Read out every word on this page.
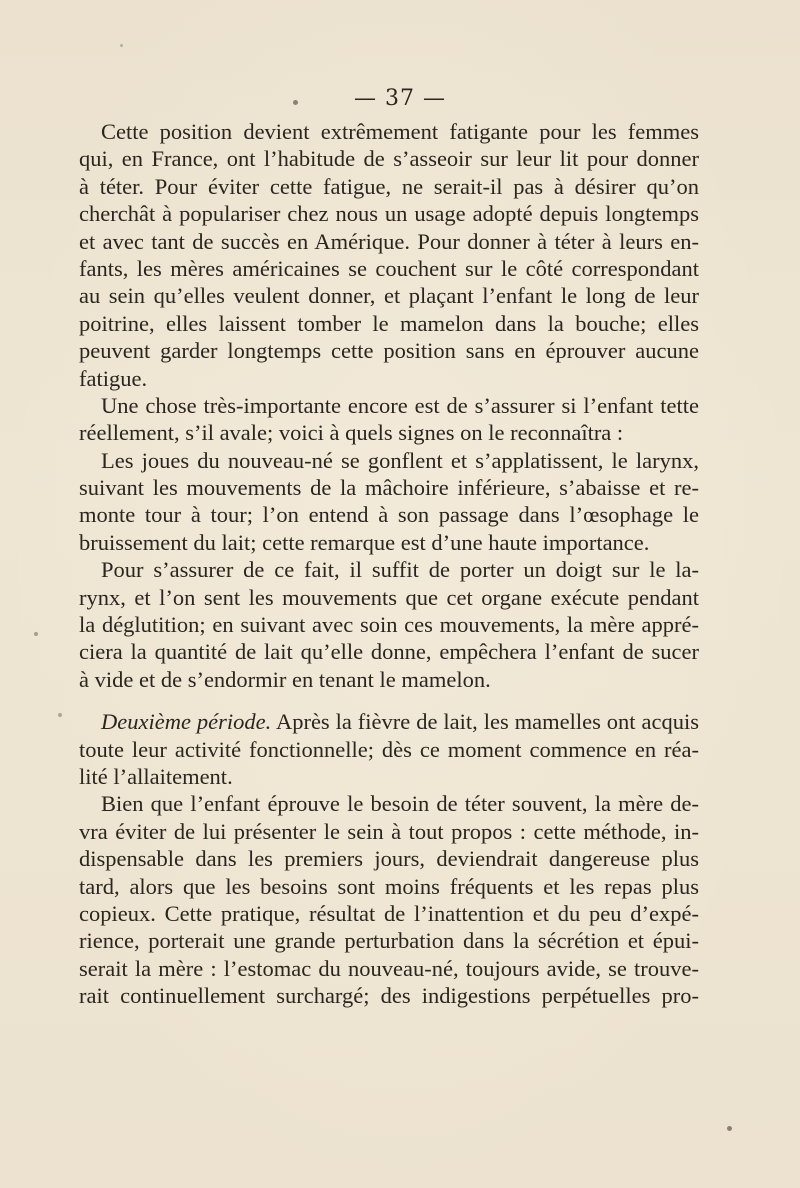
— 37 —
Cette position devient extrêmement fatigante pour les femmes
qui, en France, ont l’habitude de s’asseoir sur leur lit pour donner
à téter. Pour éviter cette fatigue, ne serait-il pas à désirer qu’on
cherchât à populariser chez nous un usage adopté depuis longtemps
et avec tant de succès en Amérique. Pour donner à téter à leurs en-
fants, les mères américaines se couchent sur le côté correspondant
au sein qu’elles veulent donner, et plaçant l’enfant le long de leur
poitrine, elles laissent tomber le mamelon dans la bouche; elles
peuvent garder longtemps cette position sans en éprouver aucune
fatigue.
Une chose très-importante encore est de s’assurer si l’enfant tette
réellement, s’il avale; voici à quels signes on le reconnaîtra :
Les joues du nouveau-né se gonflent et s’applatissent, le larynx,
suivant les mouvements de la mâchoire inférieure, s’abaisse et re-
monte tour à tour; l’on entend à son passage dans l’œsophage le
bruissement du lait; cette remarque est d’une haute importance.
Pour s’assurer de ce fait, il suffit de porter un doigt sur le la-
rynx, et l’on sent les mouvements que cet organe exécute pendant
la déglutition; en suivant avec soin ces mouvements, la mère appré-
ciera la quantité de lait qu’elle donne, empêchera l’enfant de sucer
à vide et de s’endormir en tenant le mamelon.
Deuxième période. Après la fièvre de lait, les mamelles ont acquis
toute leur activité fonctionnelle; dès ce moment commence en réa-
lité l’allaitement.
Bien que l’enfant éprouve le besoin de téter souvent, la mère de-
vra éviter de lui présenter le sein à tout propos : cette méthode, in-
dispensable dans les premiers jours, deviendrait dangereuse plus
tard, alors que les besoins sont moins fréquents et les repas plus
copieux. Cette pratique, résultat de l’inattention et du peu d’expé-
rience, porterait une grande perturbation dans la sécrétion et épui-
serait la mère : l’estomac du nouveau-né, toujours avide, se trouve-
rait continuellement surchargé; des indigestions perpétuelles pro-
